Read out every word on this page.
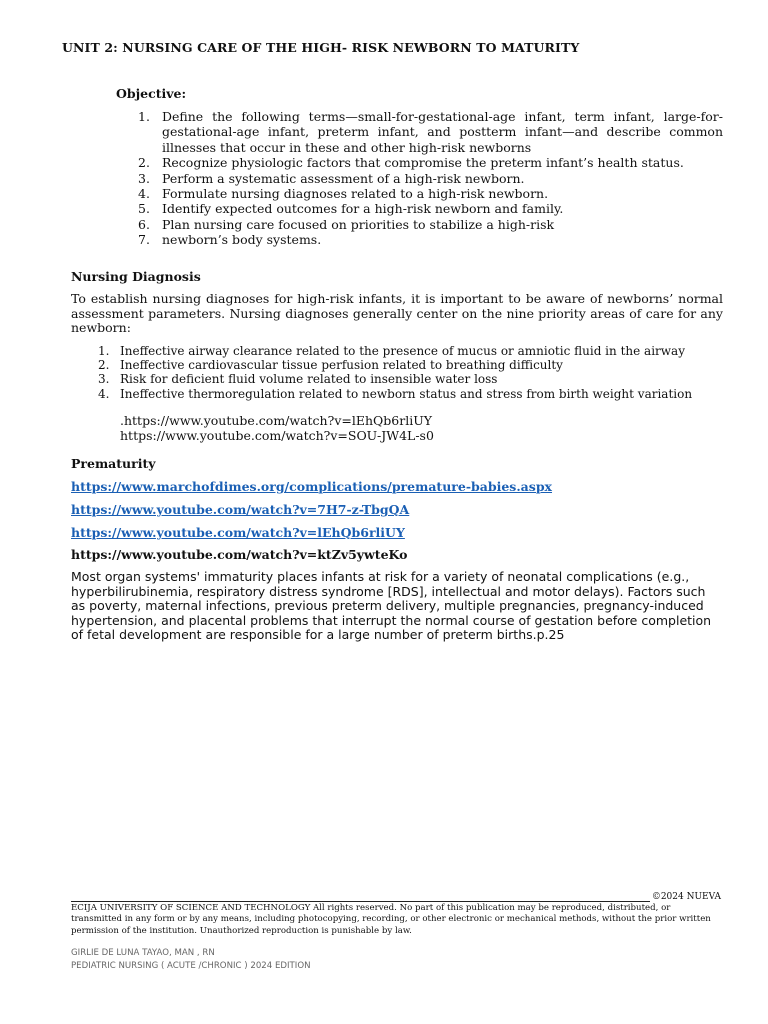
UNIT 2: NURSING CARE OF THE HIGH- RISK NEWBORN TO MATURITY
Objective:
1. Define the following terms—small-for-gestational-age infant, term infant, large-for-gestational-age infant, preterm infant, and postterm infant—and describe common illnesses that occur in these and other high-risk newborns
2. Recognize physiologic factors that compromise the preterm infant’s health status.
3. Perform a systematic assessment of a high-risk newborn.
4. Formulate nursing diagnoses related to a high-risk newborn.
5. Identify expected outcomes for a high-risk newborn and family.
6. Plan nursing care focused on priorities to stabilize a high-risk
7. newborn’s body systems.
Nursing Diagnosis

To establish nursing diagnoses for high-risk infants, it is important to be aware of newborns’ normal assessment parameters. Nursing diagnoses generally center on the nine priority areas of care for any newborn:

1. Ineffective airway clearance related to the presence of mucus or amniotic fluid in the airway
2. Ineffective cardiovascular tissue perfusion related to breathing difficulty
3. Risk for deficient fluid volume related to insensible water loss
4. Ineffective thermoregulation related to newborn status and stress from birth weight variation
.https://www.youtube.com/watch?v=lEhQb6rliUY
https://www.youtube.com/watch?v=SOU-JW4L-s0
Prematurity
https://www.marchofdimes.org/complications/premature-babies.aspx
https://www.youtube.com/watch?v=7H7-z-TbgQA
https://www.youtube.com/watch?v=lEhQb6rliUY
https://www.youtube.com/watch?v=ktZv5ywteKo

Most organ systems' immaturity places infants at risk for a variety of neonatal complications (e.g., hyperbilirubinemia, respiratory distress syndrome [RDS], intellectual and motor delays). Factors such as poverty, maternal infections, previous preterm delivery, multiple pregnancies, pregnancy-induced hypertension, and placental problems that interrupt the normal course of gestation before completion of fetal development are responsible for a large number of preterm births.p.25

©2024 NUEVA

ECIJA UNIVERSITY OF SCIENCE AND TECHNOLOGY All rights reserved. No part of this publication may be reproduced, distributed, or transmitted in any form or by any means, including photocopying, recording, or other electronic or mechanical methods, without the prior written permission of the institution. Unauthorized reproduction is punishable by law.

GIRLIE DE LUNA TAYAO, MAN , RN
PEDIATRIC NURSING ( ACUTE /CHRONIC ) 2024 EDITION
